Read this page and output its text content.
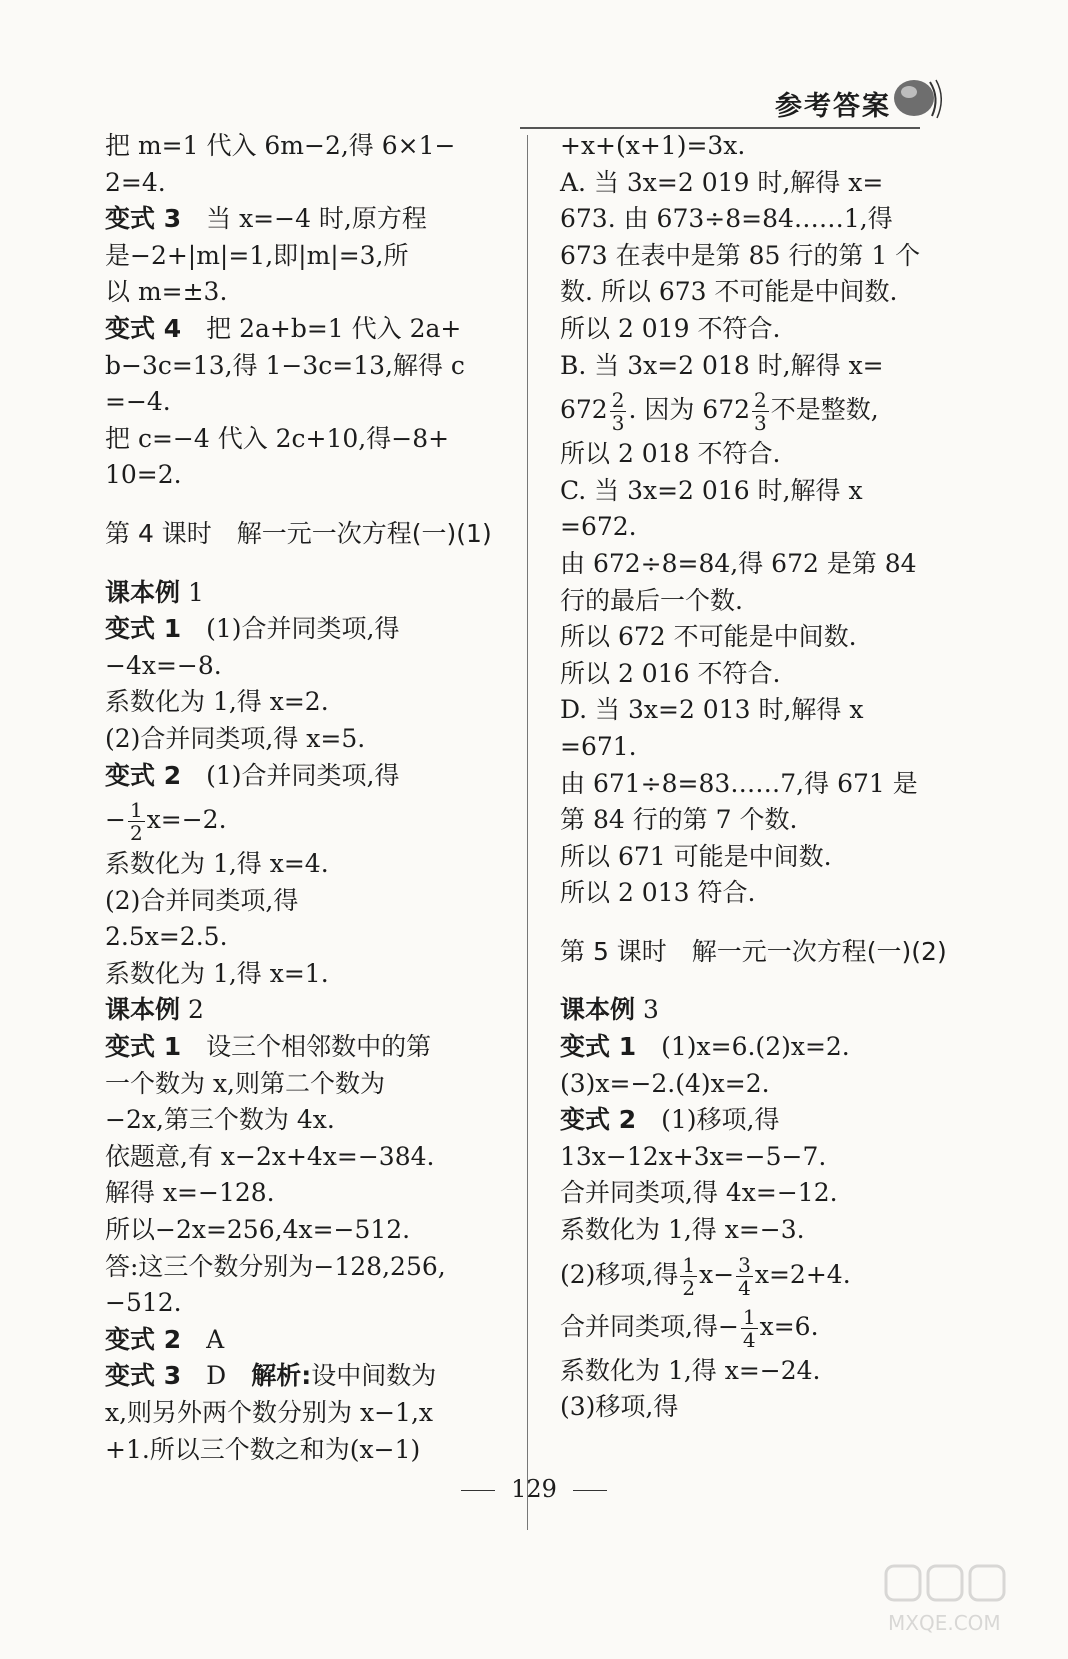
参考答案

把 m=1 代入 6m−2,得 6×1−

2=4.

变式 3　 当 x=−4 时,原方程

是−2+|m|=1,即|m|=3,所

以 m=±3.

变式 4　 把 2a+b=1 代入 2a+

b−3c=13,得 1−3c=13,解得 c

=−4.

把 c=−4 代入 2c+10,得−8+

10=2.

第 4 课时　解一元一次方程(一)(1)

课本例 1

变式 1　 (1)合并同类项,得

−4x=−8.

系数化为 1,得 x=2.

(2)合并同类项,得 x=5.

变式 2　 (1)合并同类项,得

− $\frac{1}{2} x=-2$.

系数化为 1,得 x=4.

(2)合并同类项,得

2.5x=2.5.

系数化为 1,得 x=1.

课本例 2

变式 1　 设三个相邻数中的第

一个数为 x,则第二个数为

−2x,第三个数为 4x.

依题意,有 x−2x+4x=−384.

解得 x=−128.

所以−2x=256,4x=−512.

答:这三个数分别为−128,256,

−512.

变式 2　 A

变式 3　 D　 解析:设中间数为

x,则另外两个数分别为 x−1,x

+1.所以三个数之和为(x−1)

+x+(x+1)=3x.

A. 当 3x=2 019 时,解得 x=

673. 由 673÷8=84……1,得

673 在表中是第 85 行的第 1 个

数. 所以 673 不可能是中间数.

所以 2 019 不符合.

B. 当 3x=2 018 时,解得 x=

$672 \frac{2}{3}$ . 因为 $672 \frac{2}{3}$ 不是整数,

所以 2 018 不符合.

C. 当 3x=2 016 时,解得 x

=672.

由 672÷8=84,得 672 是第 84

行的最后一个数.

所以 672 不可能是中间数.

所以 2 016 不符合.

D. 当 3x=2 013 时,解得 x

=671.

由 671÷8=83……7,得 671 是

第 84 行的第 7 个数.

所以 671 可能是中间数.

所以 2 013 符合.

第 5 课时　解一元一次方程(一)(2)

课本例 3

变式 1　 (1)x=6.(2)x=2.

(3)x=−2.(4)x=2.

变式 2　 (1)移项,得

13x−12x+3x=−5−7.

合并同类项,得 4x=−12.

系数化为 1,得 x=−3.

(2)移项,得 $\frac{1}{2} x- \frac{3}{4} x=2+4$.

合并同类项,得− $\frac{1}{4} x=6$.

系数化为 1,得 x=−24.

(3)移项,得

129
MXQE.COM
